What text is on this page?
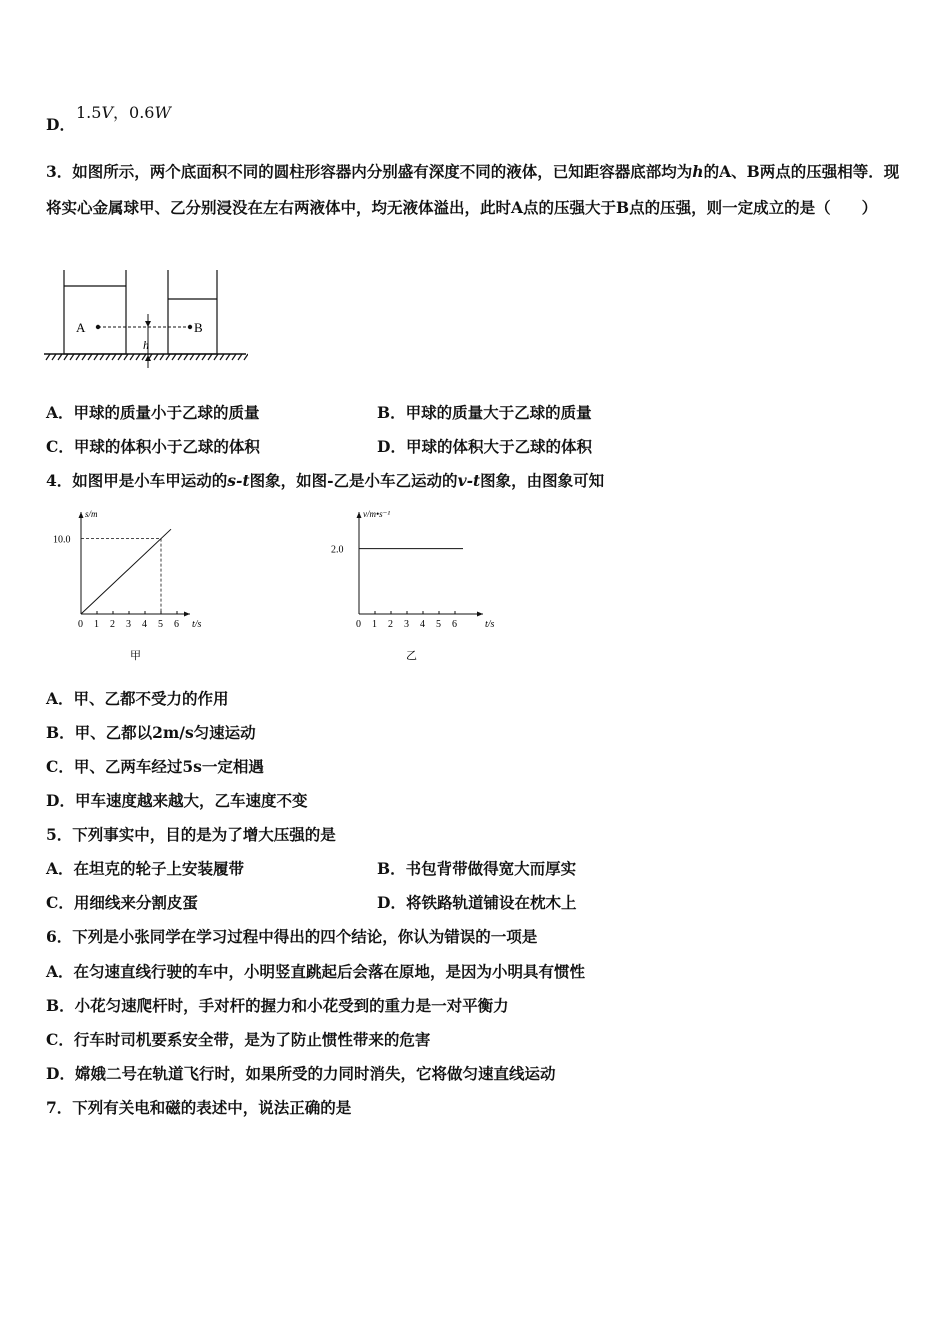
D．
1.5V，0.6W
3．如图所示，两个底面积不同的圆柱形容器内分别盛有深度不同的液体，已知距容器底部均为h的A、B两点的压强相等．现将实心金属球甲、乙分别浸没在左右两液体中，均无液体溢出，此时A点的压强大于B点的压强，则一定成立的是（　　）
A	B
h
A．甲球的质量小于乙球的质量	B．甲球的质量大于乙球的质量
C．甲球的体积小于乙球的体积	D．甲球的体积大于乙球的体积
4．如图甲是小车甲运动的s-t图象，如图-乙是小车乙运动的v-t图象，由图象可知
s/m
t/s
0 1 2 3 4 5 6
10.0
甲
v/m•s⁻¹
t/s
0 1 2 3 4 5 6
2.0
乙
A．甲、乙都不受力的作用
B．甲、乙都以2m/s匀速运动
C．甲、乙两车经过5s一定相遇
D．甲车速度越来越大，乙车速度不变
5．下列事实中，目的是为了增大压强的是
A．在坦克的轮子上安装履带	B．书包背带做得宽大而厚实
C．用细线来分割皮蛋	D．将铁路轨道铺设在枕木上
6．下列是小张同学在学习过程中得出的四个结论，你认为错误的一项是
A．在匀速直线行驶的车中，小明竖直跳起后会落在原地，是因为小明具有惯性
B．小花匀速爬杆时，手对杆的握力和小花受到的重力是一对平衡力
C．行车时司机要系安全带，是为了防止惯性带来的危害
D．嫦娥二号在轨道飞行时，如果所受的力同时消失，它将做匀速直线运动
7．下列有关电和磁的表述中，说法正确的是
